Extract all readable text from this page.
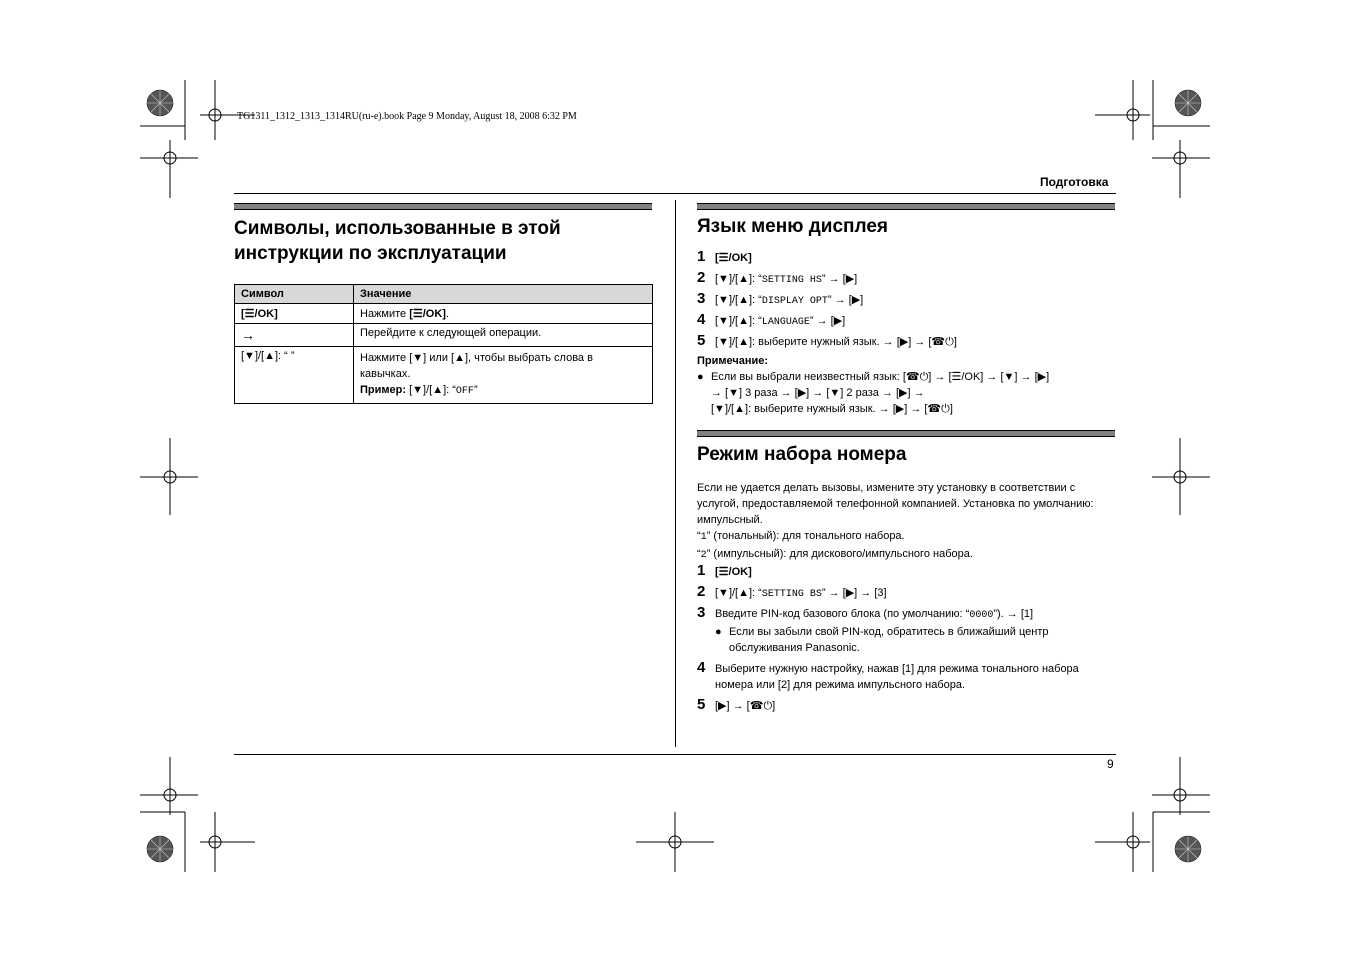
TG1311_1312_1313_1314RU(ru-e).book Page 9 Monday, August 18, 2008 6:32 PM
Подготовка
Символы, использованные в этой
инструкции по эксплуатации
Символ	Значение
[☰/OK]	Нажмите [☰/OK].
→	Перейдите к следующей операции.
[▼]/[▲]: “ ”	Нажмите [▼] или [▲], чтобы выбрать слова в
кавычках.
Пример: [▼]/[▲]: “OFF”
Язык меню дисплея
1 [☰/OK]
2 [▼]/[▲]: “SETTING HS” → [▶]
3 [▼]/[▲]: “DISPLAY OPT” → [▶]
4 [▼]/[▲]: “LANGUAGE” → [▶]
5 [▼]/[▲]: выберите нужный язык. → [▶] → [☎⏻]
Примечание:
● Если вы выбрали неизвестный язык: [☎⏻] → [☰/OK] → [▼] → [▶]
→ [▼] 3 раза → [▶] → [▼] 2 раза → [▶] →
[▼]/[▲]: выберите нужный язык. → [▶] → [☎⏻]
Режим набора номера
Если не удается делать вызовы, измените эту установку в соответствии с
услугой, предоставляемой телефонной компанией. Установка по умолчанию:
импульсный.
“1” (тональный): для тонального набора.
“2” (импульсный): для дискового/импульсного набора.
1 [☰/OK]
2 [▼]/[▲]: “SETTING BS” → [▶] → [3]
3 Введите PIN-код базового блока (по умолчанию: “0000”). → [1]
● Если вы забыли свой PIN-код, обратитесь в ближайший центр
обслуживания Panasonic.
4 Выберите нужную настройку, нажав [1] для режима тонального набора
номера или [2] для режима импульсного набора.
5 [▶] → [☎⏻]
9
